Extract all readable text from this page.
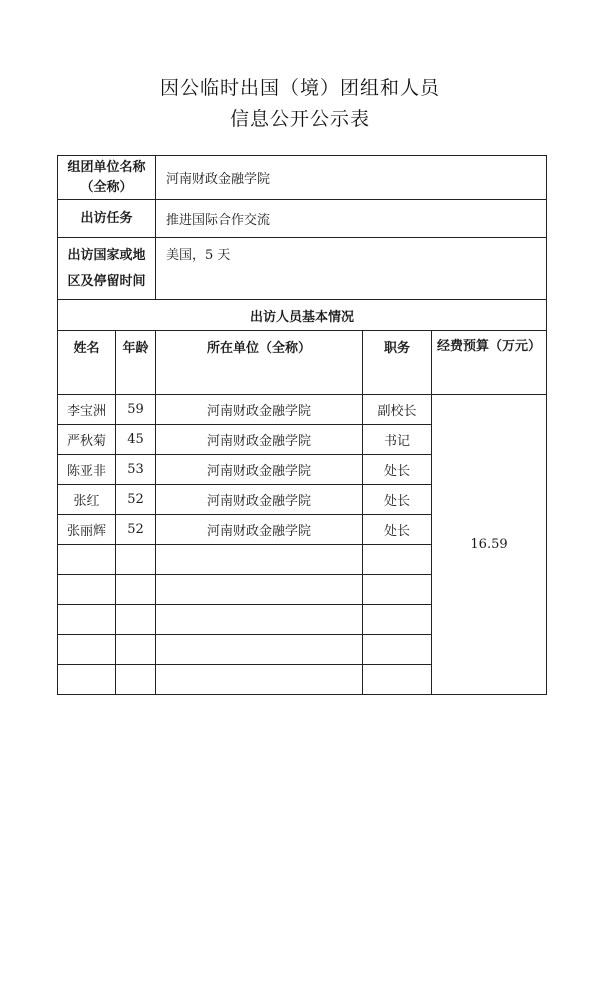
因公临时出国（境）团组和人员
信息公开公示表
组团单位名称（全称）		河南财政金融学院		
出访任务		推进国际合作交流		
出访国家或地区及停留时间		美国，5 天		
出访人员基本情况				
姓名	年龄	所在单位（全称）	职务	经费预算（万元）
李宝洲	59	河南财政金融学院	副校长	16.59
严秋菊	45	河南财政金融学院	书记	
陈亚非	53	河南财政金融学院	处长	
张红	52	河南财政金融学院	处长	
张丽辉	52	河南财政金融学院	处长	
